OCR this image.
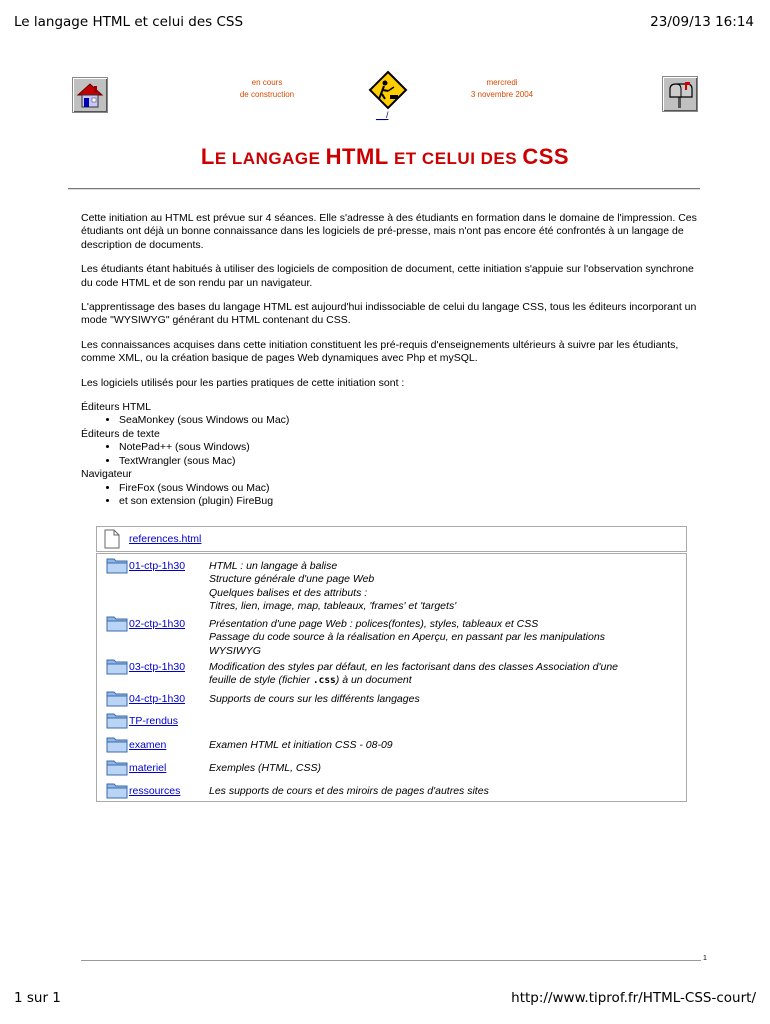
Le langage HTML et celui des CSS	23/09/13 16:14
en cours
de construction
mercredi
3 novembre 2004
__/
LE LANGAGE HTML ET CELUI DES CSS

Cette initiation au HTML est prévue sur 4 séances. Elle s'adresse à des étudiants en formation dans le domaine de l'impression. Ces étudiants ont déjà un bonne connaissance dans les logiciels de pré-presse, mais n'ont pas encore été confrontés à un langage de description de documents.

Les étudiants étant habitués à utiliser des logiciels de composition de document, cette initiation s'appuie sur l'observation synchrone du code HTML et de son rendu par un navigateur.

L'apprentissage des bases du langage HTML est aujourd'hui indissociable de celui du langage CSS, tous les éditeurs incorporant un mode "WYSIWYG" générant du HTML contenant du CSS.

Les connaissances acquises dans cette initiation constituent les pré-requis d'enseignements ultérieurs à suivre par les étudiants, comme XML, ou la création basique de pages Web dynamiques avec Php et mySQL.

Les logiciels utilisés pour les parties pratiques de cette initiation sont :

Éditeurs HTML
• SeaMonkey (sous Windows ou Mac)
Éditeurs de texte
• NotePad++ (sous Windows)
• TextWrangler (sous Mac)
Navigateur
• FireFox (sous Windows ou Mac)
• et son extension (plugin) FireBug
references.html
01-ctp-1h30 HTML : un langage à balise
Structure générale d'une page Web
Quelques balises et des attributs :
Titres, lien, image, map, tableaux, 'frames' et 'targets'
02-ctp-1h30 Présentation d'une page Web : polices(fontes), styles, tableaux et CSS
Passage du code source à la réalisation en Aperçu, en passant par les manipulations
WYSIWYG
03-ctp-1h30 Modification des styles par défaut, en les factorisant dans des classes Association d'une
feuille de style (fichier .css) à un document
04-ctp-1h30 Supports de cours sur les différents langages
TP-rendus
examen	Examen HTML et initiation CSS - 08-09
materiel	Exemples (HTML, CSS)
ressources	Les supports de cours et des miroirs de pages d'autres sites
1
1 sur 1	http://www.tiprof.fr/HTML-CSS-court/
